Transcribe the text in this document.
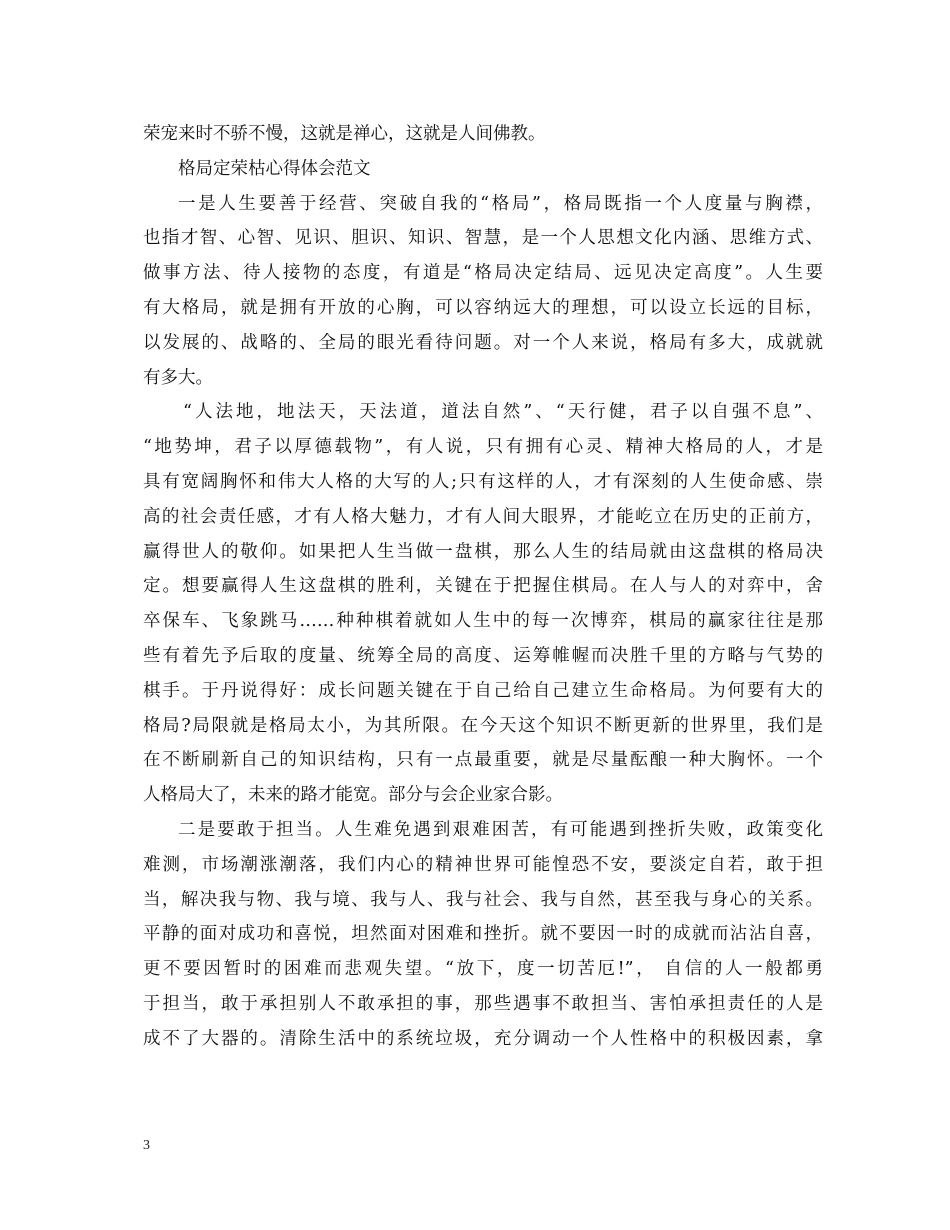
荣宠来时不骄不慢，这就是禅心，这就是人间佛教。
格局定荣枯心得体会范文
一是人生要善于经营、突破自我的“格局”，格局既指一个人度量与胸襟，
也指才智、心智、见识、胆识、知识、智慧，是一个人思想文化内涵、思维方式、
做事方法、待人接物的态度，有道是“格局决定结局、远见决定高度”。人生要
有大格局，就是拥有开放的心胸，可以容纳远大的理想，可以设立长远的目标，
以发展的、战略的、全局的眼光看待问题。对一个人来说，格局有多大，成就就
有多大。
“人法地，地法天，天法道，道法自然”、“天行健，君子以自强不息”、
“地势坤，君子以厚德载物”，有人说，只有拥有心灵、精神大格局的人，才是
具有宽阔胸怀和伟大人格的大写的人;只有这样的人，才有深刻的人生使命感、崇
高的社会责任感，才有人格大魅力，才有人间大眼界，才能屹立在历史的正前方，
赢得世人的敬仰。如果把人生当做一盘棋，那么人生的结局就由这盘棋的格局决
定。想要赢得人生这盘棋的胜利，关键在于把握住棋局。在人与人的对弈中，舍
卒保车、飞象跳马……种种棋着就如人生中的每一次博弈，棋局的赢家往往是那
些有着先予后取的度量、统筹全局的高度、运筹帷幄而决胜千里的方略与气势的
棋手。于丹说得好：成长问题关键在于自己给自己建立生命格局。为何要有大的
格局?局限就是格局太小，为其所限。在今天这个知识不断更新的世界里，我们是
在不断刷新自己的知识结构，只有一点最重要，就是尽量酝酿一种大胸怀。一个
人格局大了，未来的路才能宽。部分与会企业家合影。
二是要敢于担当。人生难免遇到艰难困苦，有可能遇到挫折失败，政策变化
难测，市场潮涨潮落，我们内心的精神世界可能惶恐不安，要淡定自若，敢于担
当，解决我与物、我与境、我与人、我与社会、我与自然，甚至我与身心的关系。
平静的面对成功和喜悦，坦然面对困难和挫折。就不要因一时的成就而沾沾自喜，
更不要因暂时的困难而悲观失望。“放下，度一切苦厄!”， 自信的人一般都勇
于担当，敢于承担别人不敢承担的事，那些遇事不敢担当、害怕承担责任的人是
成不了大器的。清除生活中的系统垃圾，充分调动一个人性格中的积极因素，拿
3
